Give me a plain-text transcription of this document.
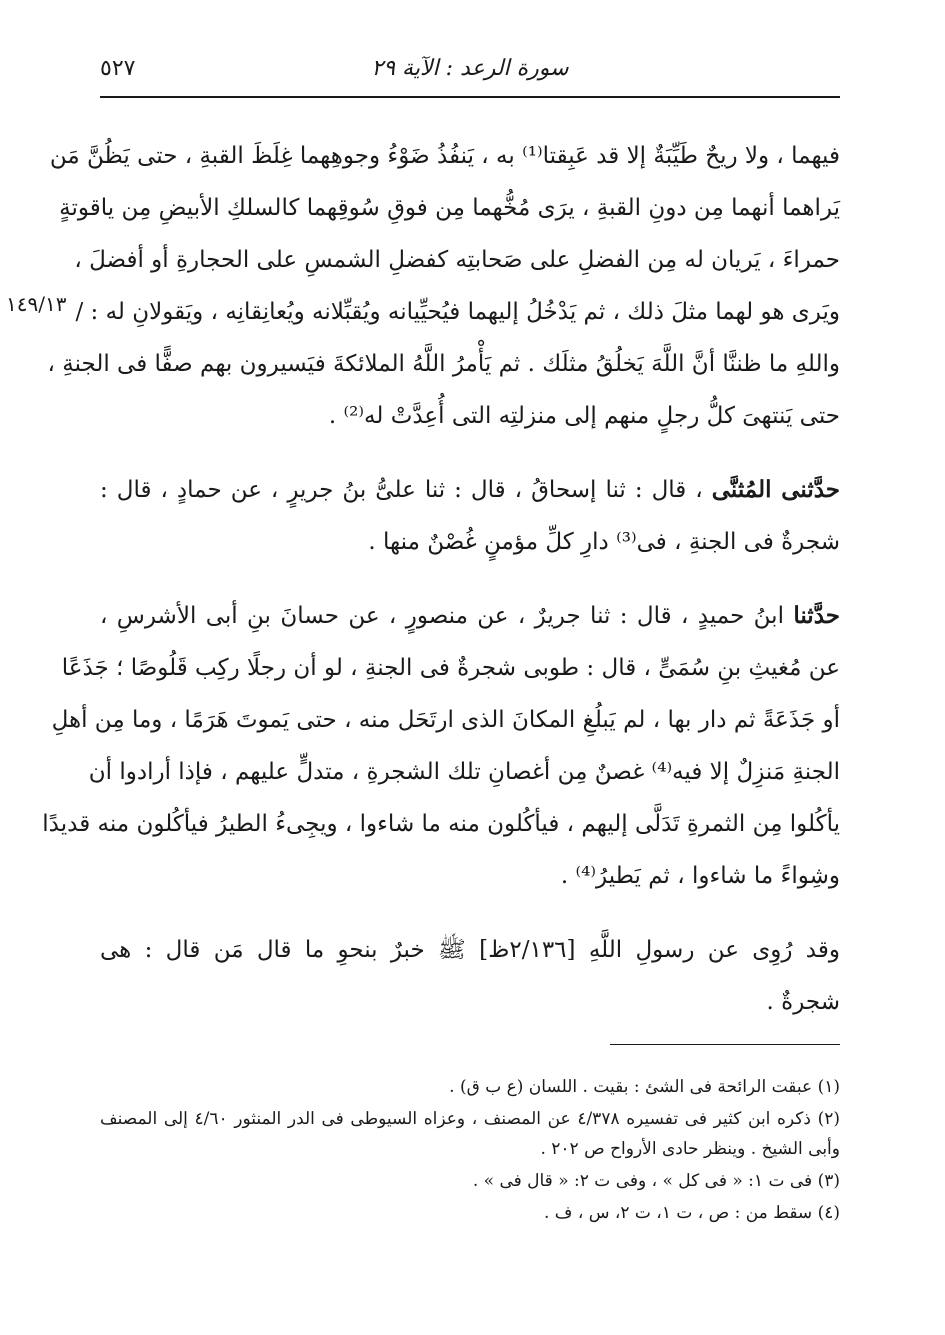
سورة الرعد : الآية ٢٩
٥٢٧
١٤٩/١٣
فيهما ، ولا ريحٌ طَيِّبَةٌ إلا قد عَبِقتا⁽¹⁾ به ، يَنفُذُ ضَوْءُ وجوهِهما غِلَظَ القبةِ ، حتى يَظُنَّ مَن
يَراهما أنهما مِن دونِ القبةِ ، يرَى مُخُّهما مِن فوقِ سُوقِهما كالسلكِ الأبيضِ مِن ياقوتةٍ
حمراءَ ، يَريان له مِن الفضلِ على صَحابتِه كفضلِ الشمسِ على الحجارةِ أو أفضلَ ،
ويَرى هو لهما مثلَ ذلك ، ثم يَدْخُلُ إليهما فيُحيِّيانه ويُقبِّلانه ويُعانِقانِه ، ويَقولانِ له : /
واللهِ ما ظننَّا أنَّ اللَّهَ يَخلُقُ مثلَك . ثم يَأْمرُ اللَّهُ الملائكةَ فيَسيرون بهم صفًّا فى الجنةِ ،
حتى يَنتهىَ كلُّ رجلٍ منهم إلى منزلتِه التى أُعِدَّتْ له⁽²⁾ .
حدَّثنى المُثنَّى ، قال : ثنا إسحاقُ ، قال : ثنا علىُّ بنُ جريرٍ ، عن حمادٍ ، قال :
شجرةٌ فى الجنةِ ، فى⁽³⁾ دارِ كلِّ مؤمنٍ غُصْنٌ منها .
حدَّثنا ابنُ حميدٍ ، قال : ثنا جريرٌ ، عن منصورٍ ، عن حسانَ بنِ أبى الأشرسِ ،
عن مُغيثِ بنِ سُمَىٍّ ، قال : طوبى شجرةٌ فى الجنةِ ، لو أن رجلًا ركِب قَلُوصًا ؛ جَذَعًا
أو جَذَعَةً ثم دار بها ، لم يَبلُغِ المكانَ الذى ارتَحَل منه ، حتى يَموتَ هَرَمًا ، وما مِن أهلِ
الجنةِ مَنزِلٌ إلا فيه⁽⁴⁾ غصنٌ مِن أغصانِ تلك الشجرةِ ، متدلٍّ عليهم ، فإذا أرادوا أن
يأكُلوا مِن الثمرةِ تَدَلَّى إليهم ، فيأكُلون منه ما شاءوا ، ويجِىءُ الطيرُ فيأكُلون منه قديدًا
وشِواءً ما شاءوا ، ثم يَطيرُ⁽⁴⁾ .
وقد رُوِى عن رسولِ اللَّهِ [٢/١٣٦ظ] ﷺ خبرٌ بنحوِ ما قال مَن قال : هى
شجرةٌ .
(١) عبقت الرائحة فى الشئ : بقيت . اللسان (ع ب ق) .
(٢) ذكره ابن كثير فى تفسيره ٤/٣٧٨ عن المصنف ، وعزاه السيوطى فى الدر المنثور ٤/٦٠ إلى المصنف وأبى الشيخ . وينظر حادى الأرواح ص ٢٠٢ .
(٣) فى ت ١: « فى كل » ، وفى ت ٢: « قال فى » .
(٤) سقط من : ص ، ت ١، ت ٢، س ، ف .
